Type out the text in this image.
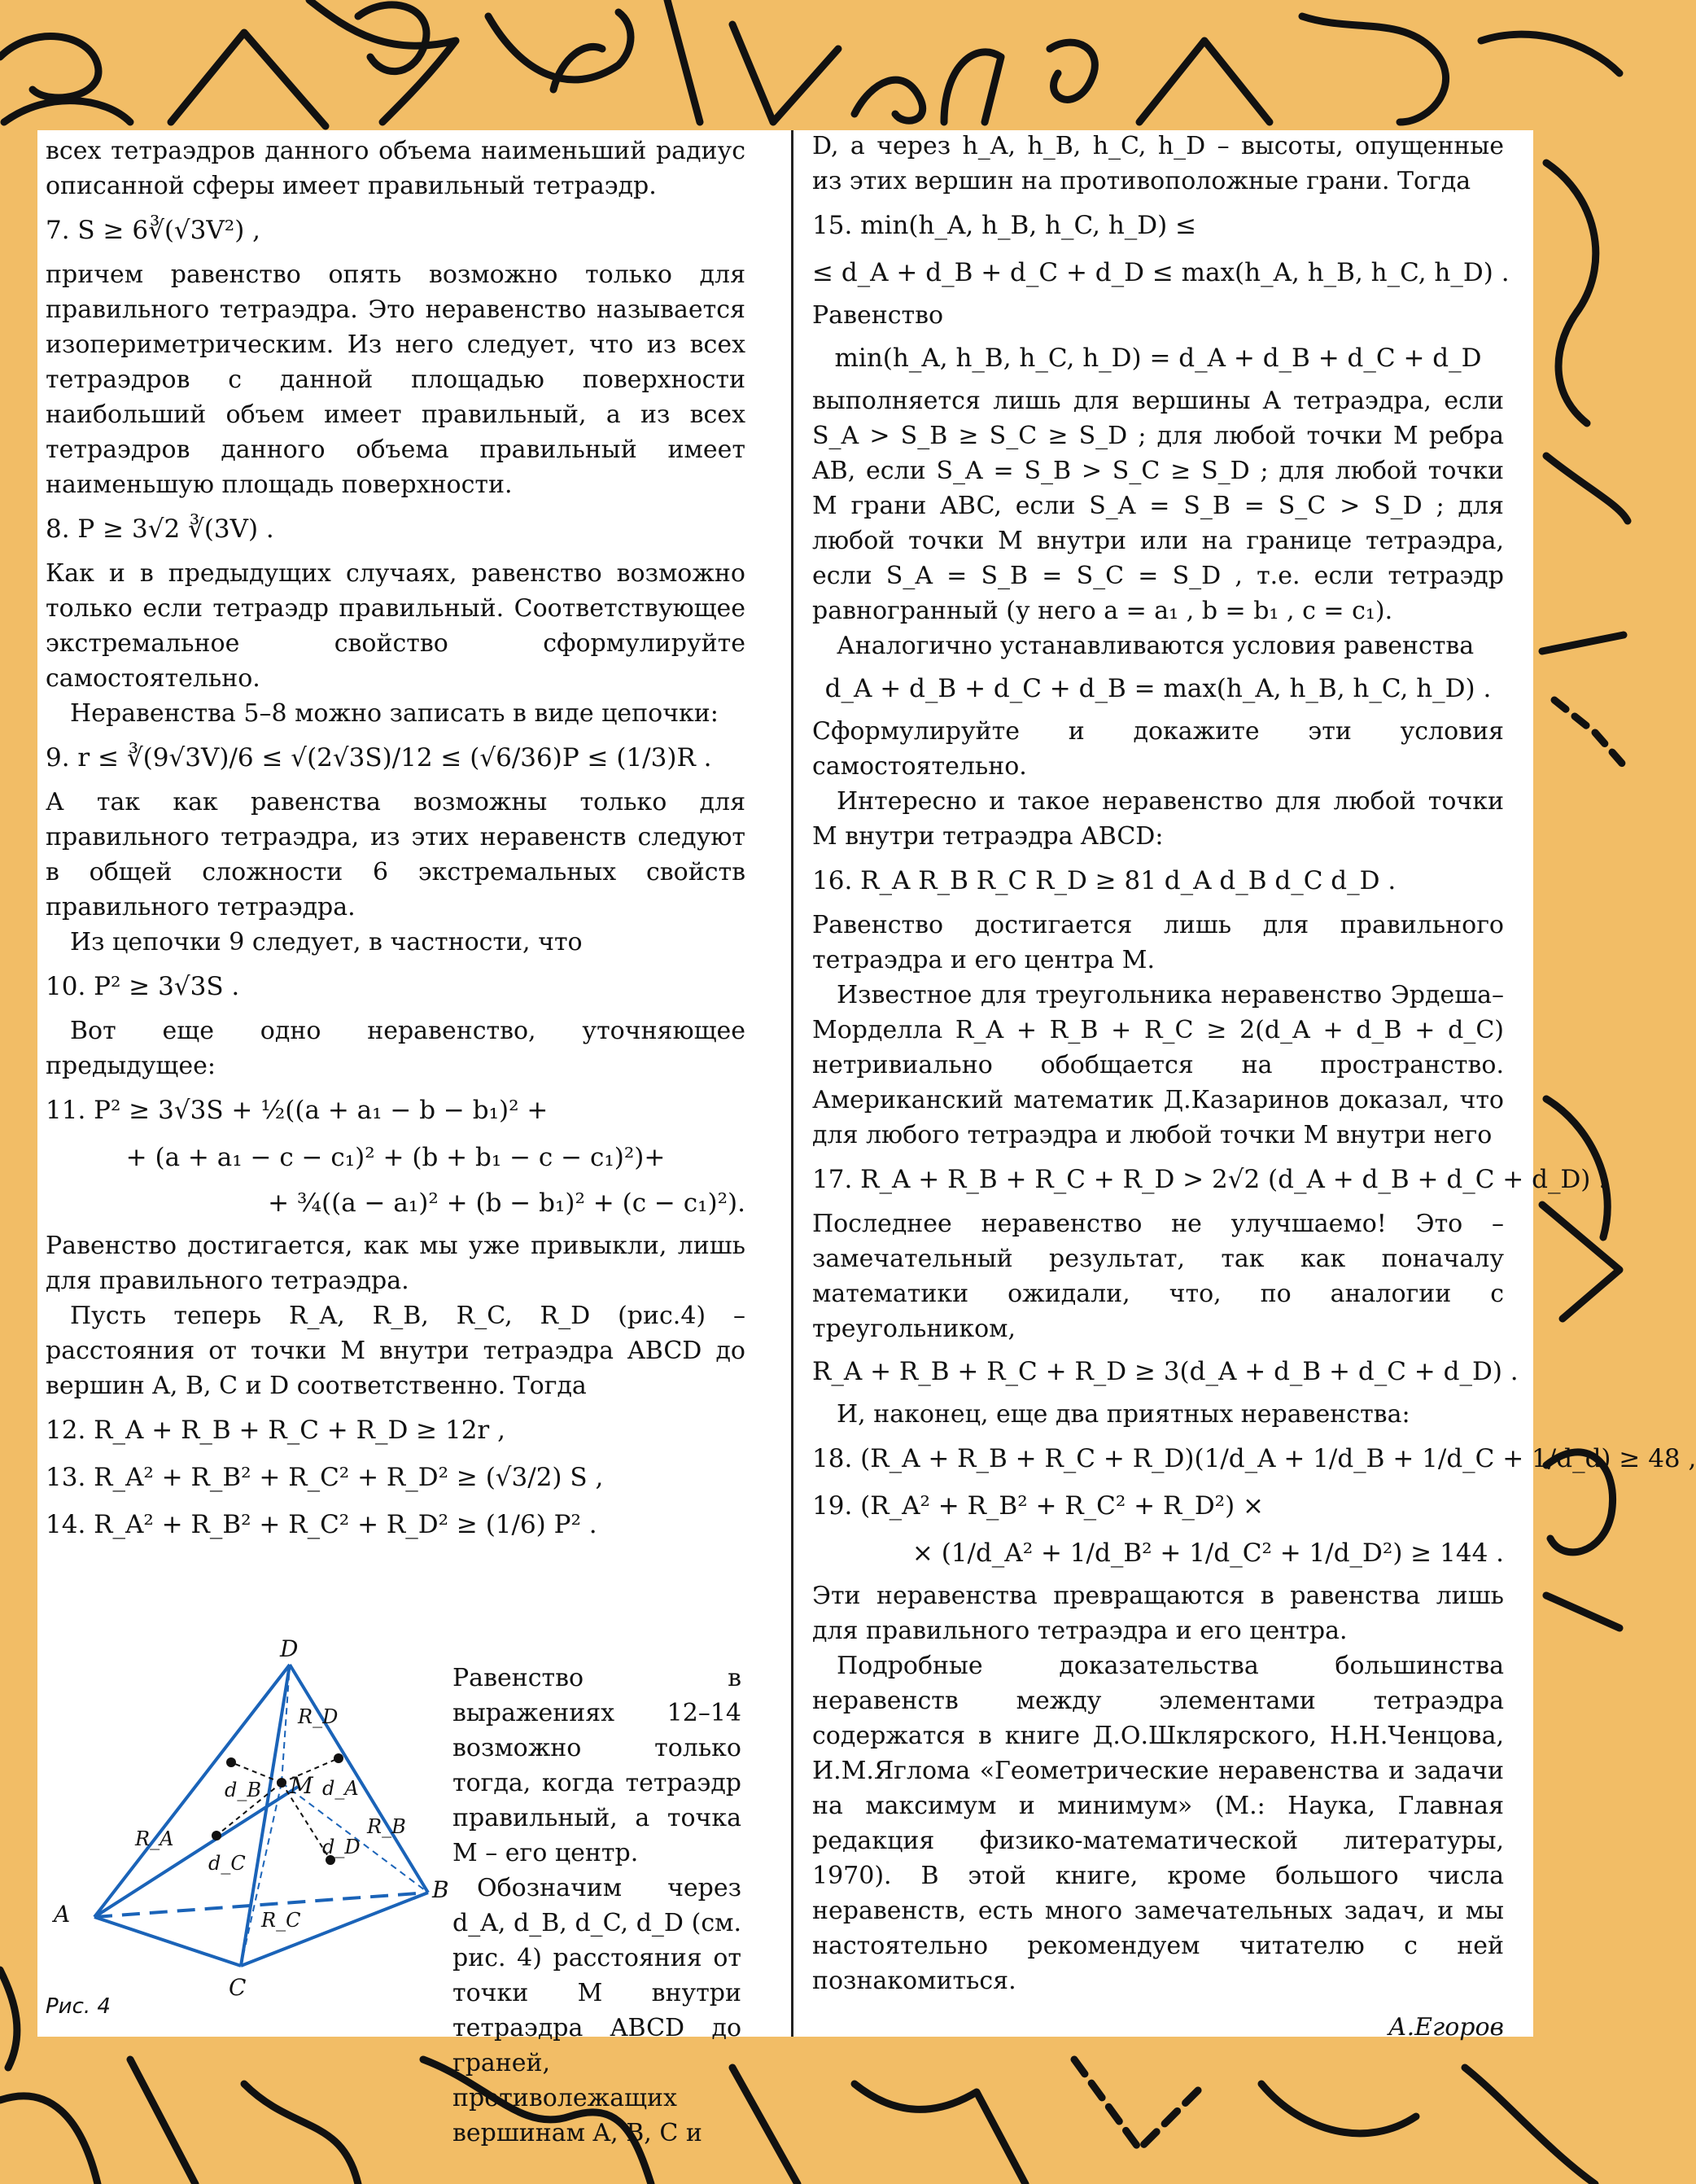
всех тетраэдров данного объема наименьший радиус описанной сферы имеет правильный тетраэдр.

7. S ≥ 6∛(√3V²) ,

причем равенство опять возможно только для правильного тетраэдра. Это неравенство называется изопериметрическим. Из него следует, что из всех тетраэдров с данной площадью поверхности наибольший объем имеет правильный, а из всех тетраэдров данного объема правильный имеет наименьшую площадь поверхности.

8. P ≥ 3√2 ∛(3V) .

Как и в предыдущих случаях, равенство возможно только если тетраэдр правильный. Соответствующее экстремальное свойство сформулируйте самостоятельно.

Неравенства 5–8 можно записать в виде цепочки:

9. r ≤ ∛(9√3V)/6 ≤ √(2√3S)/12 ≤ (√6/36)P ≤ (1/3)R .

А так как равенства возможны только для правильного тетраэдра, из этих неравенств следуют в общей сложности 6 экстремальных свойств правильного тетраэдра.

Из цепочки 9 следует, в частности, что

10. P² ≥ 3√3S .

Вот еще одно неравенство, уточняющее предыдущее:

11. P² ≥ 3√3S + ½((a + a₁ − b − b₁)² +
+ (a + a₁ − c − c₁)² + (b + b₁ − c − c₁)²)+
+ ¾((a − a₁)² + (b − b₁)² + (c − c₁)²).

Равенство достигается, как мы уже привыкли, лишь для правильного тетраэдра.

Пусть теперь R_A, R_B, R_C, R_D (рис.4) – расстояния от точки M внутри тетраэдра ABCD до вершин A, B, C и D соответственно. Тогда

12. R_A + R_B + R_C + R_D ≥ 12r ,
13. R_A² + R_B² + R_C² + R_D² ≥ (√3/2) S ,
14. R_A² + R_B² + R_C² + R_D² ≥ (1/6) P² .
A
B
C
D
M
R_A
R_B
R_C
R_D
d_A
d_B
d_C
d_D

Равенство в выражениях 12–14 возможно только тогда, когда тетраэдр правильный, а точка M – его центр.

Обозначим через d_A, d_B, d_C, d_D (см. рис. 4) расстояния от точки M внутри тетраэдра ABCD до граней, противолежащих вершинам A, B, C и

Рис. 4

D, а через h_A, h_B, h_C, h_D – высоты, опущенные из этих вершин на противоположные грани. Тогда

15. min(h_A, h_B, h_C, h_D) ≤
≤ d_A + d_B + d_C + d_D ≤ max(h_A, h_B, h_C, h_D) .

Равенство

min(h_A, h_B, h_C, h_D) = d_A + d_B + d_C + d_D

выполняется лишь для вершины A тетраэдра, если S_A > S_B ≥ S_C ≥ S_D ; для любой точки M ребра AB, если S_A = S_B > S_C ≥ S_D ; для любой точки M грани ABC, если S_A = S_B = S_C > S_D ; для любой точки M внутри или на границе тетраэдра, если S_A = S_B = S_C = S_D , т.е. если тетраэдр равногранный (у него a = a₁ , b = b₁ , c = c₁).

Аналогично устанавливаются условия равенства

d_A + d_B + d_C + d_B = max(h_A, h_B, h_C, h_D) .

Сформулируйте и докажите эти условия самостоятельно.

Интересно и такое неравенство для любой точки M внутри тетраэдра ABCD:

16. R_A R_B R_C R_D ≥ 81 d_A d_B d_C d_D .

Равенство достигается лишь для правильного тетраэдра и его центра M.

Известное для треугольника неравенство Эрдеша–Морделла R_A + R_B + R_C ≥ 2(d_A + d_B + d_C) нетривиально обобщается на пространство. Американский математик Д.Казаринов доказал, что для любого тетраэдра и любой точки M внутри него

17. R_A + R_B + R_C + R_D > 2√2 (d_A + d_B + d_C + d_D) .

Последнее неравенство не улучшаемо! Это – замечательный результат, так как поначалу математики ожидали, что, по аналогии с треугольником,

R_A + R_B + R_C + R_D ≥ 3(d_A + d_B + d_C + d_D) .

И, наконец, еще два приятных неравенства:

18. (R_A + R_B + R_C + R_D)(1/d_A + 1/d_B + 1/d_C + 1/d_d) ≥ 48 ,
19. (R_A² + R_B² + R_C² + R_D²) ×
× (1/d_A² + 1/d_B² + 1/d_C² + 1/d_D²) ≥ 144 .

Эти неравенства превращаются в равенства лишь для правильного тетраэдра и его центра.

Подробные доказательства большинства неравенств между элементами тетраэдра содержатся в книге Д.О.Шклярского, Н.Н.Ченцова, И.М.Яглома «Геометрические неравенства и задачи на максимум и минимум» (М.: Наука, Главная редакция физико-математической литературы, 1970). В этой книге, кроме большого числа неравенств, есть много замечательных задач, и мы настоятельно рекомендуем читателю с ней познакомиться.

А.Егоров
